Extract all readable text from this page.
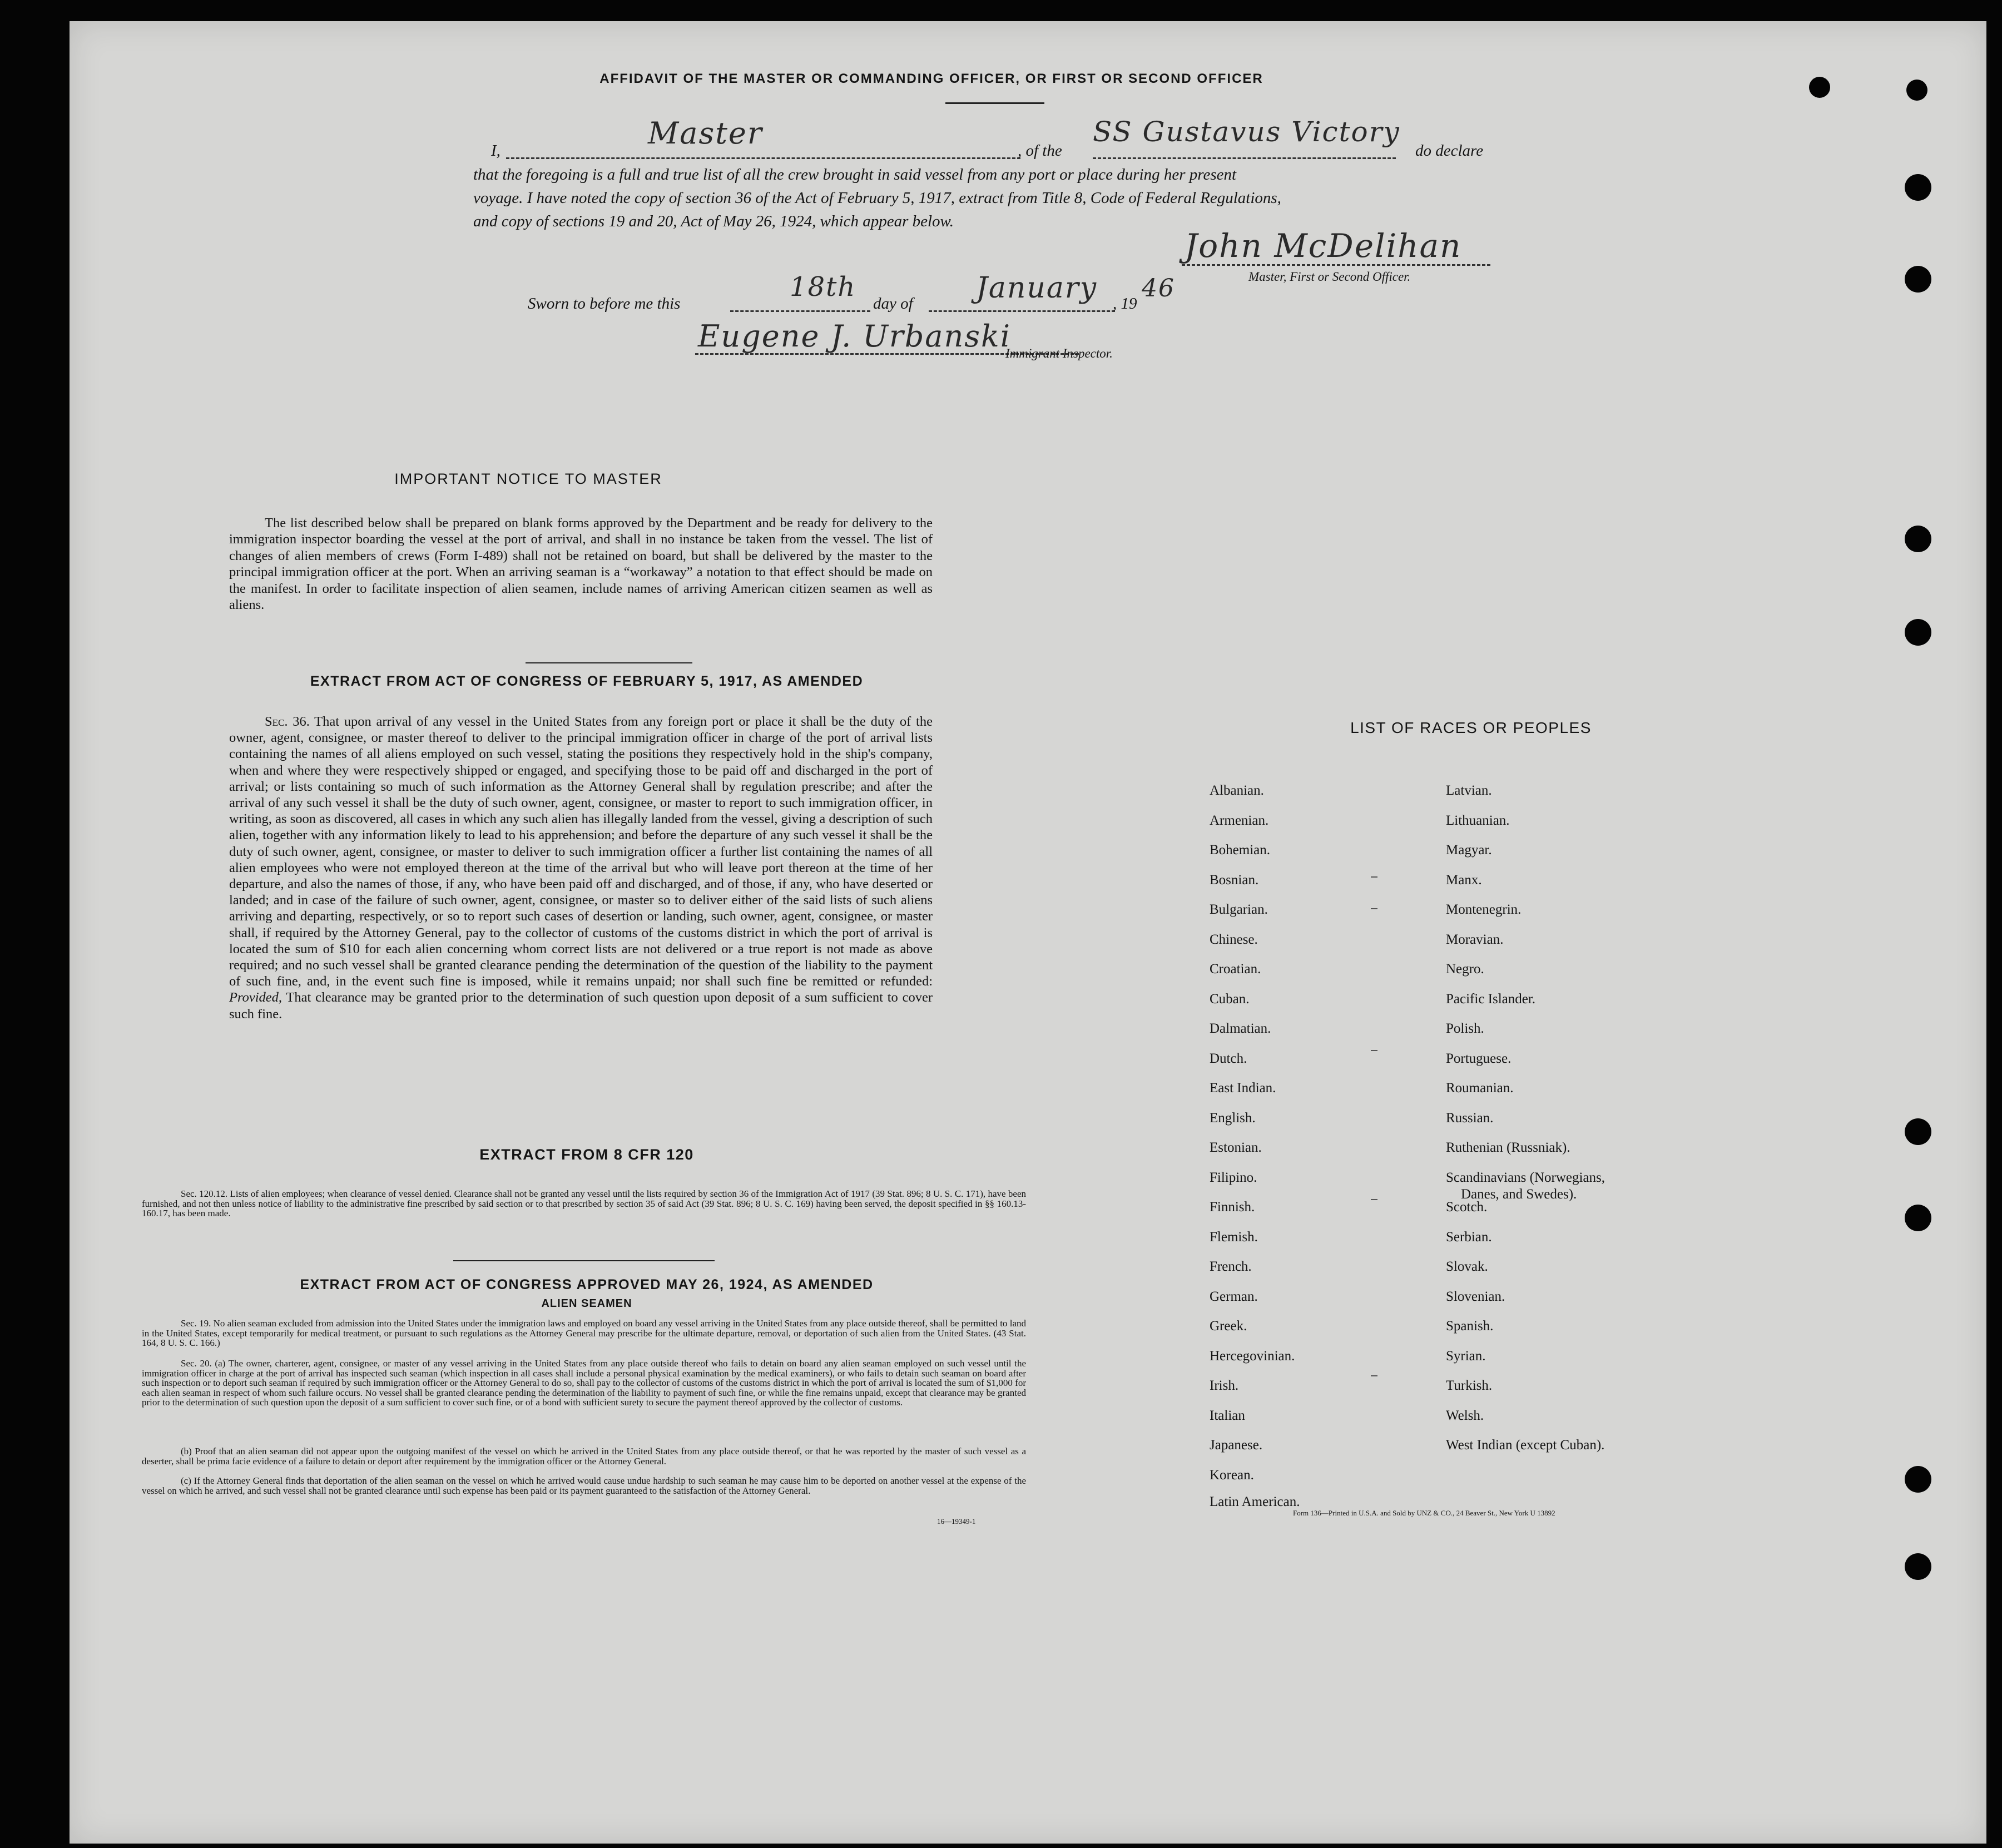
AFFIDAVIT OF THE MASTER OR COMMANDING OFFICER, OR FIRST OR SECOND OFFICER
I,	Master	, of the
SS Gustavus Victory
do declare
that the foregoing is a full and true list of all the crew brought in said vessel from any port or place during her present
voyage. I have noted the copy of section 36 of the Act of February 5, 1917, extract from Title 8, Code of Federal Regulations,
and copy of sections 19 and 20, Act of May 26, 1924, which appear below.
John McDelihan
Master, First or Second Officer.
Sworn to before me this
18th
day of January , 19
46
Eugene J. Urbanski
Immigrant Inspector.
IMPORTANT NOTICE TO MASTER
The list described below shall be prepared on blank forms approved by the Department and be ready for delivery to the immigration inspector boarding the vessel at the port of arrival, and shall in no instance be taken from the vessel. The list of changes of alien members of crews (Form I-489) shall not be retained on board, but shall be delivered by the master to the principal immigration officer at the port. When an arriving seaman is a “workaway” a notation to that effect should be made on the manifest. In order to facilitate inspection of alien seamen, include names of arriving American citizen seamen as well as aliens.
EXTRACT FROM ACT OF CONGRESS OF FEBRUARY 5, 1917, AS AMENDED
Sec. 36. That upon arrival of any vessel in the United States from any foreign port or place it shall be the duty of the owner, agent, consignee, or master thereof to deliver to the principal immigration officer in charge of the port of arrival lists containing the names of all aliens employed on such vessel, stating the positions they respectively hold in the ship's company, when and where they were respectively shipped or engaged, and specifying those to be paid off and discharged in the port of arrival; or lists containing so much of such information as the Attorney General shall by regulation prescribe; and after the arrival of any such vessel it shall be the duty of such owner, agent, consignee, or master to report to such immigration officer, in writing, as soon as discovered, all cases in which any such alien has illegally landed from the vessel, giving a description of such alien, together with any information likely to lead to his apprehension; and before the departure of any such vessel it shall be the duty of such owner, agent, consignee, or master to deliver to such immigration officer a further list containing the names of all alien employees who were not employed thereon at the time of the arrival but who will leave port thereon at the time of her departure, and also the names of those, if any, who have been paid off and discharged, and of those, if any, who have deserted or landed; and in case of the failure of such owner, agent, consignee, or master so to deliver either of the said lists of such aliens arriving and departing, respectively, or so to report such cases of desertion or landing, such owner, agent, consignee, or master shall, if required by the Attorney General, pay to the collector of customs of the customs district in which the port of arrival is located the sum of $10 for each alien concerning whom correct lists are not delivered or a true report is not made as above required; and no such vessel shall be granted clearance pending the determination of the question of the liability to the payment of such fine, and, in the event such fine is imposed, while it remains unpaid; nor shall such fine be remitted or refunded: Provided, That clearance may be granted prior to the determination of such question upon deposit of a sum sufficient to cover such fine.
EXTRACT FROM 8 CFR 120
Sec. 120.12. Lists of alien employees; when clearance of vessel denied. Clearance shall not be granted any vessel until the lists required by section 36 of the Immigration Act of 1917 (39 Stat. 896; 8 U. S. C. 171), have been furnished, and not then unless notice of liability to the administrative fine prescribed by said section or to that prescribed by section 35 of said Act (39 Stat. 896; 8 U. S. C. 169) having been served, the deposit specified in §§ 160.13-160.17, has been made.
EXTRACT FROM ACT OF CONGRESS APPROVED MAY 26, 1924, AS AMENDED
ALIEN SEAMEN
Sec. 19. No alien seaman excluded from admission into the United States under the immigration laws and employed on board any vessel arriving in the United States from any place outside thereof, shall be permitted to land in the United States, except temporarily for medical treatment, or pursuant to such regulations as the Attorney General may prescribe for the ultimate departure, removal, or deportation of such alien from the United States. (43 Stat. 164, 8 U. S. C. 166.)
Sec. 20. (a) The owner, charterer, agent, consignee, or master of any vessel arriving in the United States from any place outside thereof who fails to detain on board any alien seaman employed on such vessel until the immigration officer in charge at the port of arrival has inspected such seaman (which inspection in all cases shall include a personal physical examination by the medical examiners), or who fails to detain such seaman on board after such inspection or to deport such seaman if required by such immigration officer or the Attorney General to do so, shall pay to the collector of customs of the customs district in which the port of arrival is located the sum of $1,000 for each alien seaman in respect of whom such failure occurs. No vessel shall be granted clearance pending the determination of the liability to payment of such fine, or while the fine remains unpaid, except that clearance may be granted prior to the determination of such question upon the deposit of a sum sufficient to cover such fine, or of a bond with sufficient surety to secure the payment thereof approved by the collector of customs.
(b) Proof that an alien seaman did not appear upon the outgoing manifest of the vessel on which he arrived in the United States from any place outside thereof, or that he was reported by the master of such vessel as a deserter, shall be prima facie evidence of a failure to detain or deport after requirement by the immigration officer or the Attorney General.
(c) If the Attorney General finds that deportation of the alien seaman on the vessel on which he arrived would cause undue hardship to such seaman he may cause him to be deported on another vessel at the expense of the vessel on which he arrived, and such vessel shall not be granted clearance until such expense has been paid or its payment guaranteed to the satisfaction of the Attorney General.
16—19349-1
LIST OF RACES OR PEOPLES
Albanian.
Armenian.
Bohemian.
Bosnian.
Bulgarian.
Chinese.
Croatian.
Cuban.
Dalmatian.
Dutch.
East Indian.
English.
Estonian.
Filipino.
Finnish.
Flemish.
French.
German.
Greek.
Hercegovinian.
Irish.
Italian
Japanese.
Korean.
Latin American.
Latvian.
Lithuanian.
Magyar.
Manx.
Montenegrin.
Moravian.
Negro.
Pacific Islander.
Polish.
Portuguese.
Roumanian.
Russian.
Ruthenian (Russniak).
Scandinavians (Norwegians,
Danes, and Swedes).
Scotch.
Serbian.
Slovak.
Slovenian.
Spanish.
Syrian.
Turkish.
Welsh.
West Indian (except Cuban).
Form 136—Printed in U.S.A. and Sold by UNZ & CO., 24 Beaver St., New York U 13892
